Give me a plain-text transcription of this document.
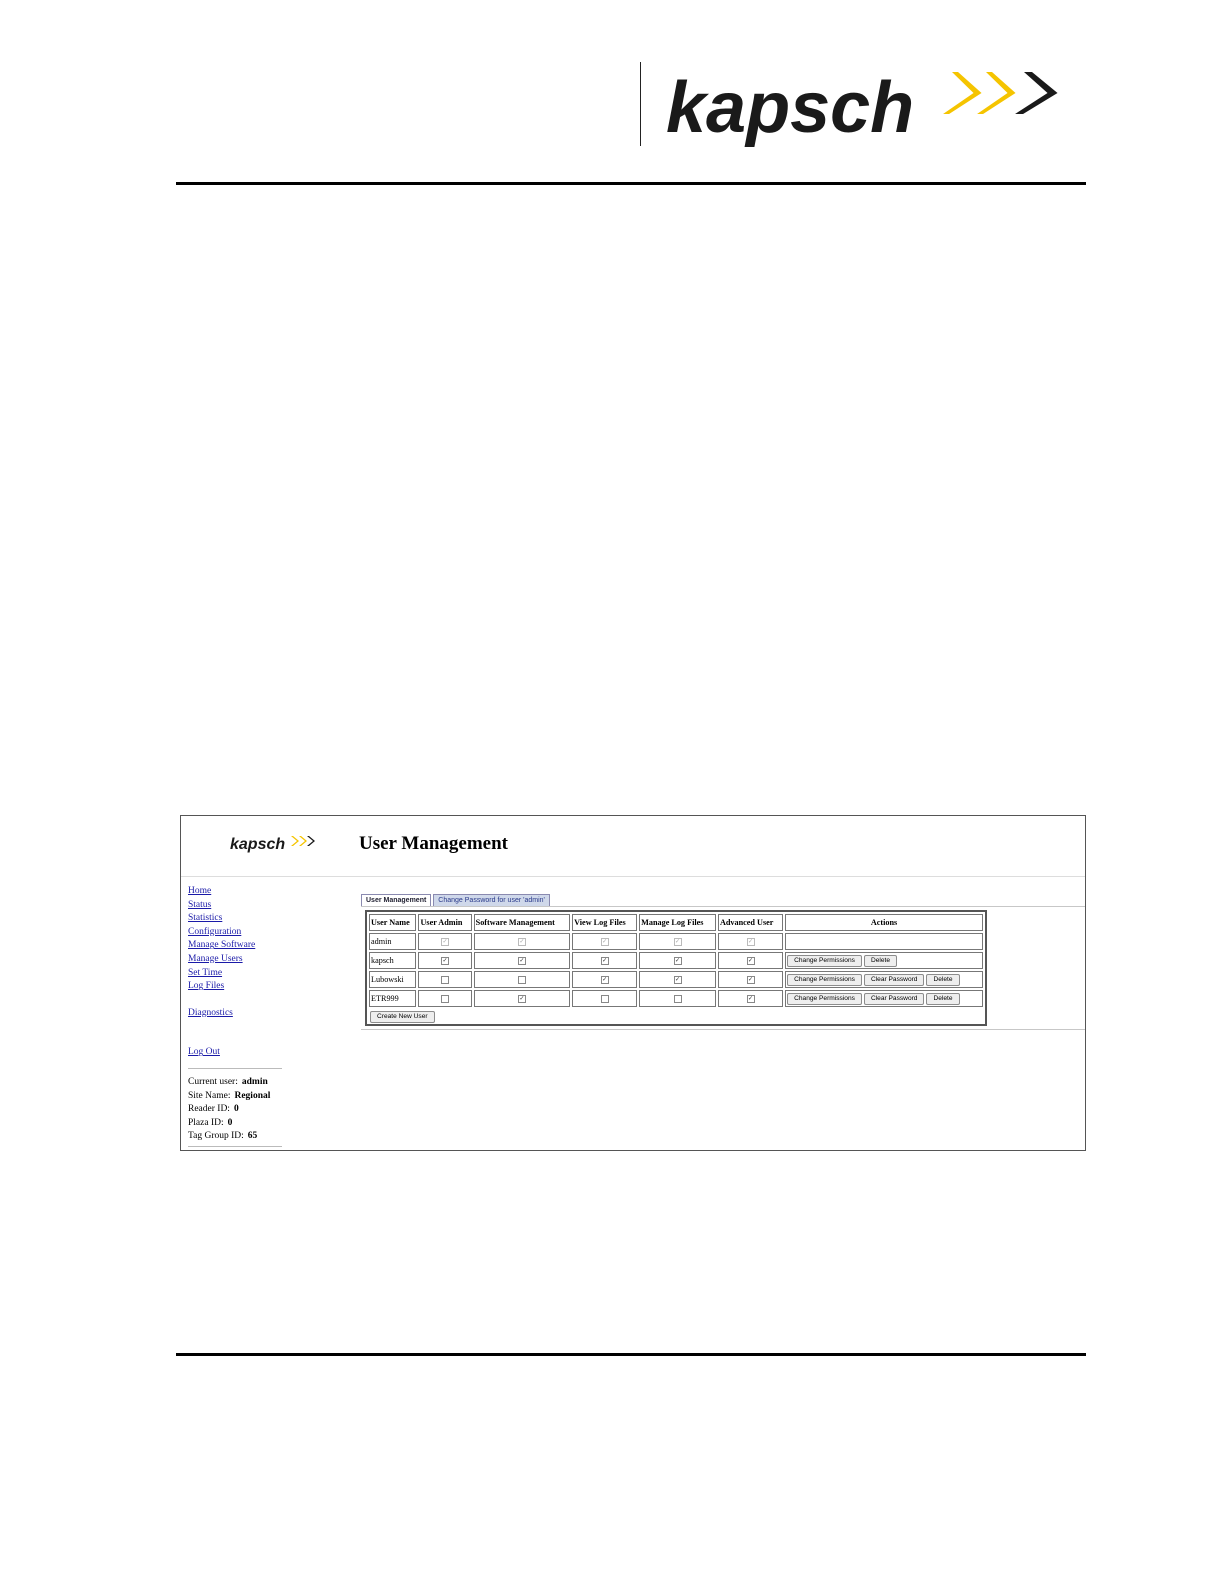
kapsch
kapsch	User Management
Home
Status
Statistics
Configuration
Manage Software
Manage Users
Set Time
Log Files
Diagnostics
Log Out
Current user: admin
Site Name: Regional
Reader ID: 0
Plaza ID: 0
Tag Group ID: 65
User Management	Change Password for user 'admin'
User Name	User Admin	Software Management	View Log Files	Manage Log Files	Advanced User	Actions
admin	✓	✓	✓	✓	✓	
kapsch	✓	✓	✓	✓	✓	Change Permissions Delete
Lubowski			✓	✓	✓	Change Permissions Clear Password Delete
ETR999		✓			✓	Change Permissions Clear Password Delete
Create New User						
